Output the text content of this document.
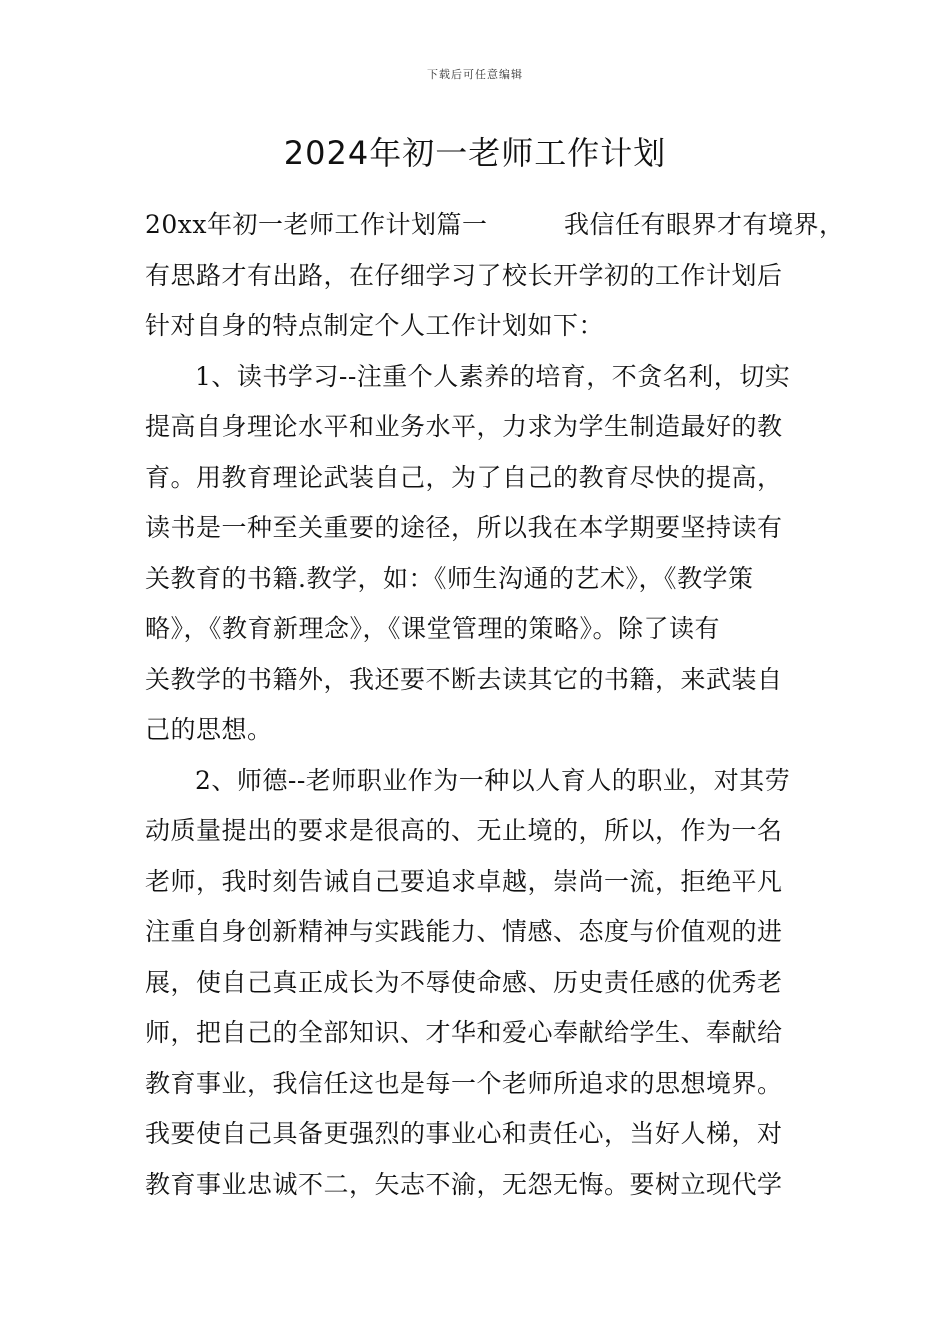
下载后可任意编辑
2024年初一老师工作计划
20xx年初一老师工作计划篇一　　　我信任有眼界才有境界，
有思路才有出路，在仔细学习了校长开学初的工作计划后
针对自身的特点制定个人工作计划如下：
1、读书学习--注重个人素养的培育，不贪名利，切实
提高自身理论水平和业务水平，力求为学生制造最好的教
育。用教育理论武装自己，为了自己的教育尽快的提高，
读书是一种至关重要的途径，所以我在本学期要坚持读有
关教育的书籍.教学，如：《师生沟通的艺术》，《教学策
略》，《教育新理念》，《课堂管理的策略》。除了读有
关教学的书籍外，我还要不断去读其它的书籍，来武装自
己的思想。
2、师德--老师职业作为一种以人育人的职业，对其劳
动质量提出的要求是很高的、无止境的，所以，作为一名
老师，我时刻告诫自己要追求卓越，崇尚一流，拒绝平凡
注重自身创新精神与实践能力、情感、态度与价值观的进
展，使自己真正成长为不辱使命感、历史责任感的优秀老
师，把自己的全部知识、才华和爱心奉献给学生、奉献给
教育事业，我信任这也是每一个老师所追求的思想境界。
我要使自己具备更强烈的事业心和责任心，当好人梯，对
教育事业忠诚不二，矢志不渝，无怨无悔。要树立现代学
